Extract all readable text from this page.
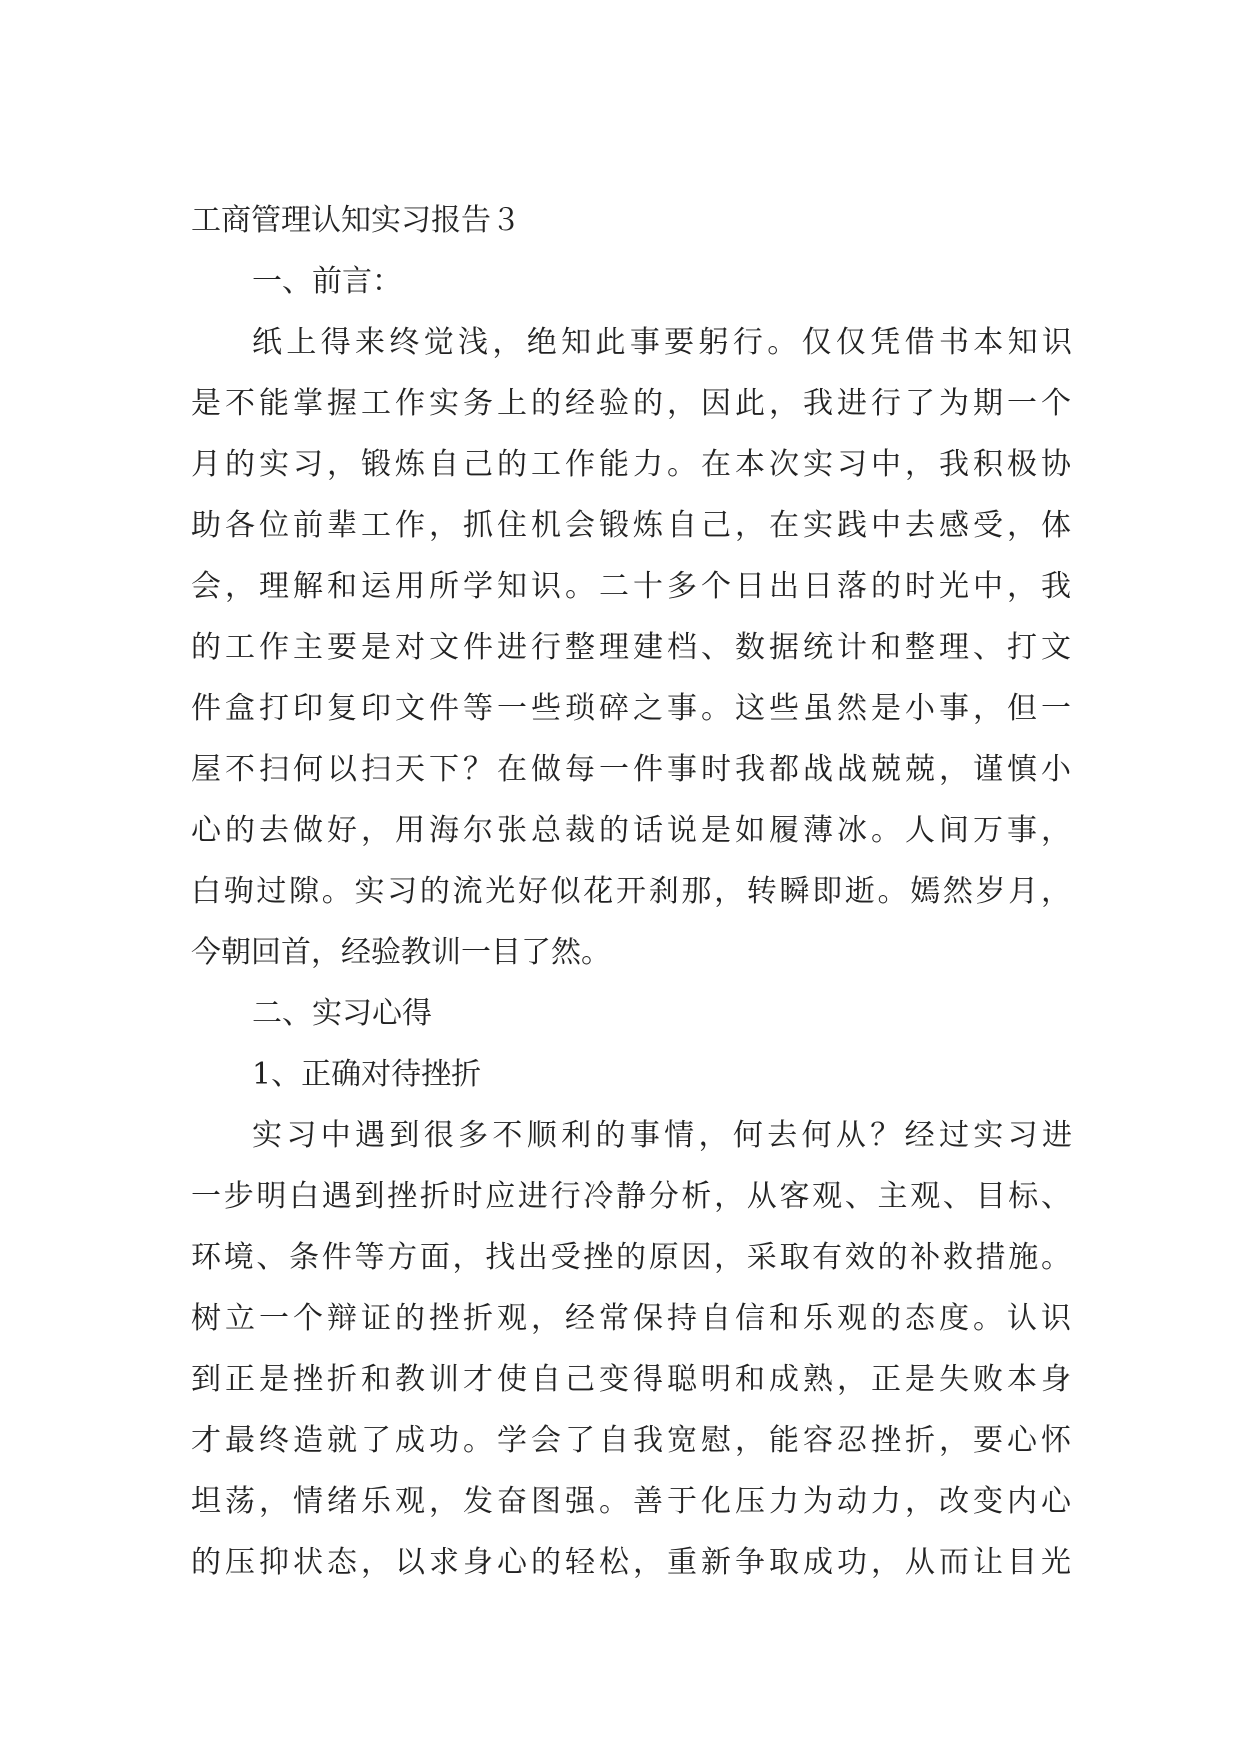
工商管理认知实习报告３
一、前言：
纸上得来终觉浅，绝知此事要躬行。仅仅凭借书本知识
是不能掌握工作实务上的经验的，因此，我进行了为期一个
月的实习，锻炼自己的工作能力。在本次实习中，我积极协
助各位前辈工作，抓住机会锻炼自己，在实践中去感受，体
会，理解和运用所学知识。二十多个日出日落的时光中，我
的工作主要是对文件进行整理建档、数据统计和整理、打文
件盒打印复印文件等一些琐碎之事。这些虽然是小事，但一
屋不扫何以扫天下？在做每一件事时我都战战兢兢，谨慎小
心的去做好，用海尔张总裁的话说是如履薄冰。人间万事，
白驹过隙。实习的流光好似花开刹那，转瞬即逝。嫣然岁月，
今朝回首，经验教训一目了然。
二、实习心得
1、正确对待挫折
实习中遇到很多不顺利的事情，何去何从？经过实习进
一步明白遇到挫折时应进行冷静分析，从客观、主观、目标、
环境、条件等方面，找出受挫的原因，采取有效的补救措施。
树立一个辩证的挫折观，经常保持自信和乐观的态度。认识
到正是挫折和教训才使自己变得聪明和成熟，正是失败本身
才最终造就了成功。学会了自我宽慰，能容忍挫折，要心怀
坦荡，情绪乐观，发奋图强。善于化压力为动力，改变内心
的压抑状态，以求身心的轻松，重新争取成功，从而让目光
